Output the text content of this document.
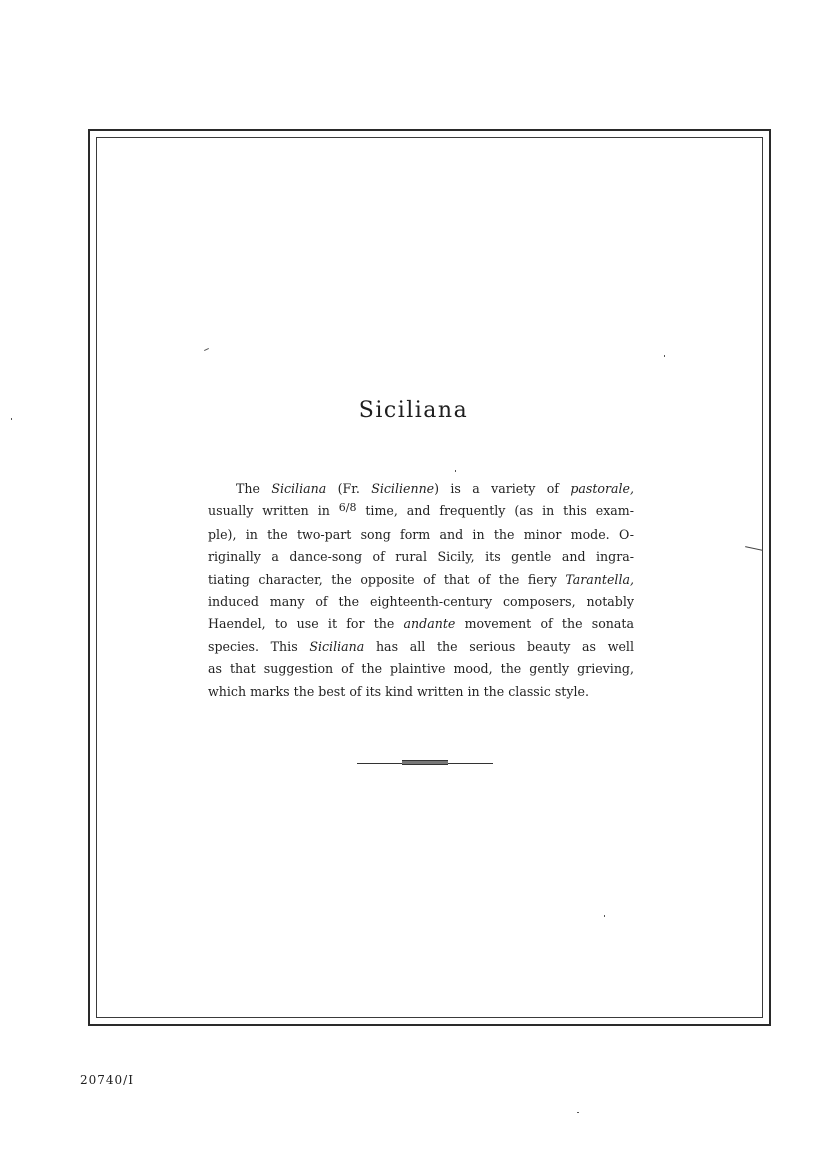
Siciliana
The Siciliana (Fr. Sicilienne) is a variety of pastorale,
usually written in 6/8 time, and frequently (as in this exam-
ple), in the two-part song form and in the minor mode. O-
riginally a dance-song of rural Sicily, its gentle and ingra-
tiating character, the opposite of that of the fiery Tarantella,
induced many of the eighteenth-century composers, notably
Haendel, to use it for the andante movement of the sonata
species. This Siciliana has all the serious beauty as well
as that suggestion of the plaintive mood, the gently grieving,
which marks the best of its kind written in the classic style.
20740/I
